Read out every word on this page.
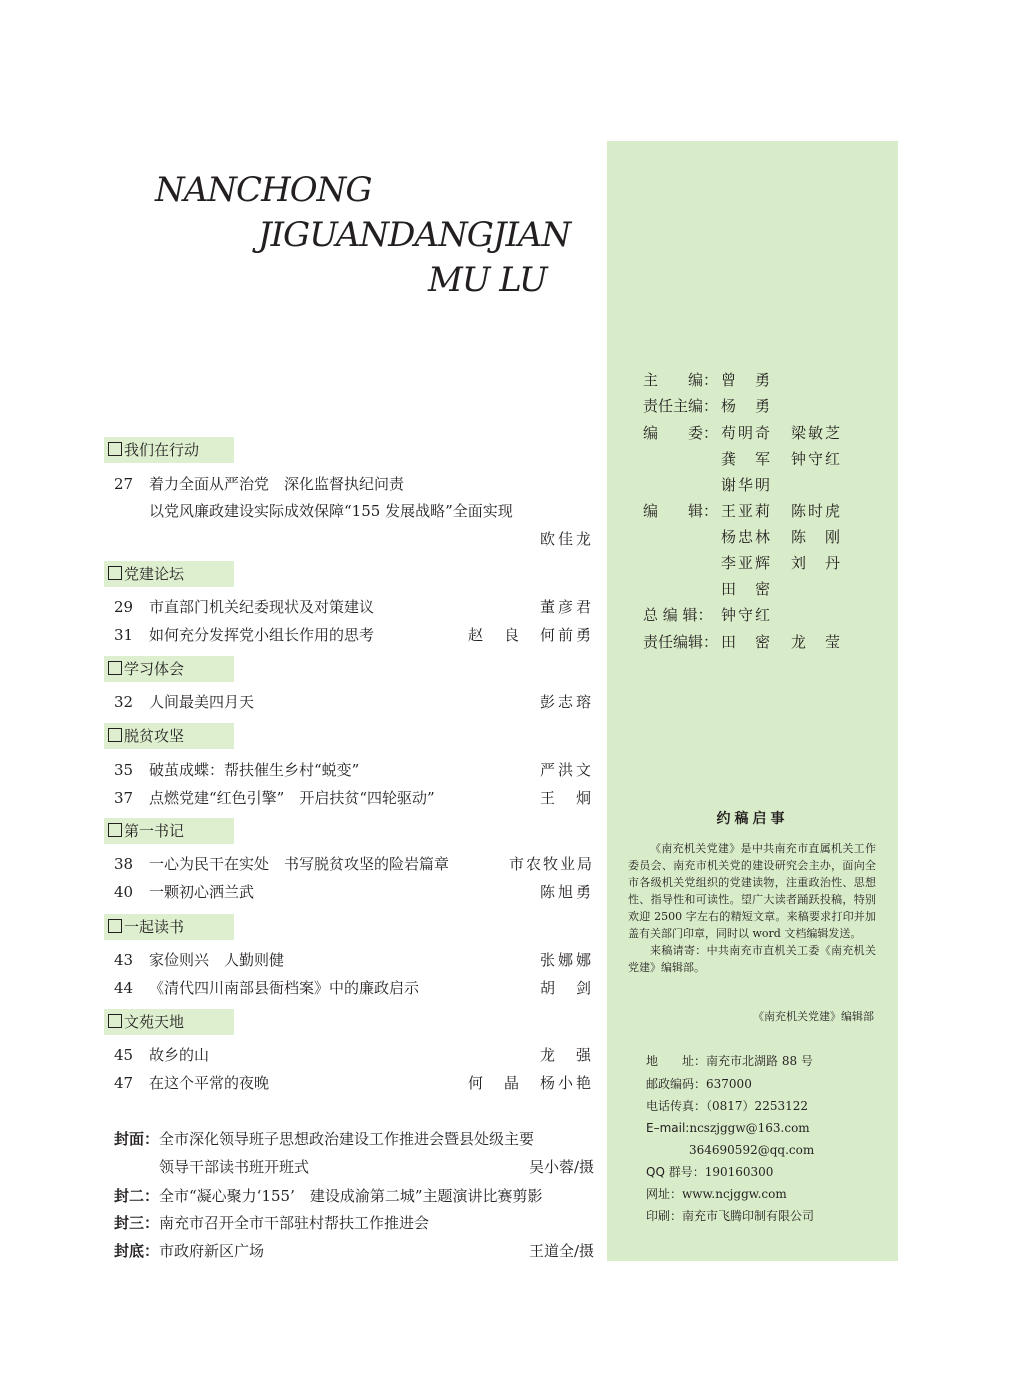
NANCHONG
JIGUANDANGJIAN
MU LU
我们在行动
27 着力全面从严治党　深化监督执纪问责
以党风廉政建设实际成效保障“155 发展战略”全面实现
欧佳龙
党建论坛
29 市直部门机关纪委现状及对策建议	董彦君
31 如何充分发挥党小组长作用的思考	赵　良　何前勇
学习体会
32 人间最美四月天	彭志瑢
脱贫攻坚
35 破茧成蝶：帮扶催生乡村“蜕变”	严洪文
37 点燃党建“红色引擎”　开启扶贫“四轮驱动”	王　炯
第一书记
38 一心为民干在实处　书写脱贫攻坚的险岩篇章	市农牧业局
40 一颗初心洒兰武	陈旭勇
一起读书
43 家俭则兴　人勤则健	张娜娜
44 《清代四川南部县衙档案》中的廉政启示	胡　剑
文苑天地
45 故乡的山	龙　强
47 在这个平常的夜晚	何　晶　杨小艳
封面：全市深化领导班子思想政治建设工作推进会暨县处级主要
领导干部读书班开班式	吴小蓉/摄
封二：全市“凝心聚力‘155’　建设成渝第二城”主题演讲比赛剪影
封三：南充市召开全市干部驻村帮扶工作推进会
封底：市政府新区广场	王道全/摄
主　　编： 曾　勇
责任主编： 杨　勇
编　　委： 苟明奇 梁敏芝
龚　军 钟守红
谢华明
编　　辑： 王亚莉 陈时虎
杨忠林 陈　刚
李亚辉 刘　丹
田　密
总 编 辑： 钟守红
责任编辑： 田　密 龙　莹
约稿启事
《南充机关党建》是中共南充市直属机关工作委员会、南充市机关党的建设研究会主办，面向全市各级机关党组织的党建读物，注重政治性、思想性、指导性和可读性。望广大读者踊跃投稿，特别欢迎 2500 字左右的精短文章。来稿要求打印并加盖有关部门印章，同时以 word 文档编辑发送。
来稿请寄：中共南充市直机关工委《南充机关党建》编辑部。
《南充机关党建》编辑部
地　　址：南充市北湖路 88 号
邮政编码：637000
电话传真：（0817）2253122
E–mail:ncszjggw@163.com
364690592@qq.com
QQ 群号：190160300
网址：www.ncjggw.com
印刷：南充市飞腾印制有限公司
